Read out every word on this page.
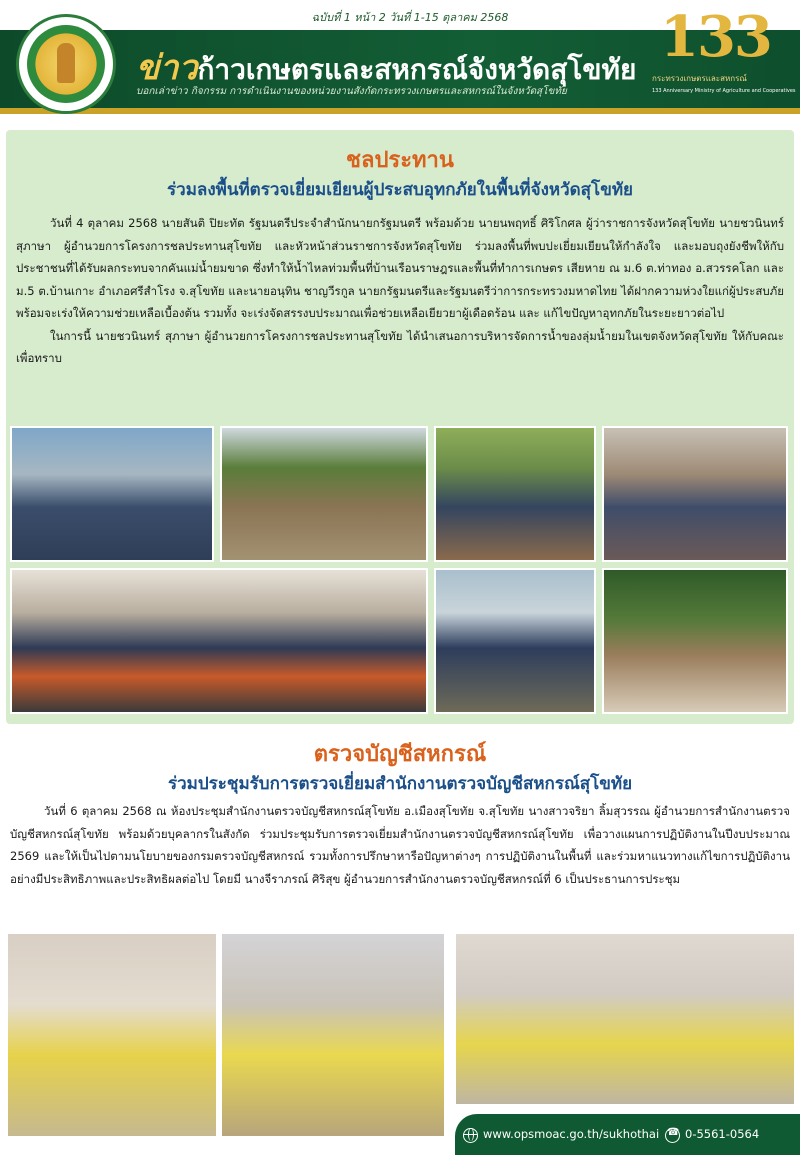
ฉบับที่ 1 หน้า 2 วันที่ 1-15 ตุลาคม 2568
ข่าวก้าวเกษตรและสหกรณ์จังหวัดสุโขทัย
บอกเล่าข่าว กิจกรรม การดำเนินงานของหน่วยงานสังกัดกระทรวงเกษตรและสหกรณ์ในจังหวัดสุโขทัย
133
กระทรวงเกษตรและสหกรณ์
133 Anniversary Ministry of Agriculture and Cooperatives
ชลประทาน
ร่วมลงพื้นที่ตรวจเยี่ยมเยียนผู้ประสบอุทกภัยในพื้นที่จังหวัดสุโขทัย

วันที่ 4 ตุลาคม 2568 นายสันติ ปิยะทัต รัฐมนตรีประจำสำนักนายกรัฐมนตรี พร้อมด้วย นายนพฤทธิ์ ศิริโกศล ผู้ว่าราชการจังหวัดสุโขทัย นายชวนินทร์ สุภาษา ผู้อำนวยการโครงการชลประทานสุโขทัย และหัวหน้าส่วนราชการจังหวัดสุโขทัย ร่วมลงพื้นที่พบปะเยี่ยมเยียนให้กำลังใจ และมอบถุงยังชีพให้กับประชาชนที่ได้รับผลกระทบจากคันแม่น้ำยมขาด ซึ่งทำให้น้ำไหลท่วมพื้นที่บ้านเรือนราษฎรและพื้นที่ทำการเกษตร เสียหาย ณ ม.6 ต.ท่าทอง อ.สวรรคโลก และ ม.5 ต.บ้านเกาะ อำเภอศรีสำโรง จ.สุโขทัย และนายอนุทิน ชาญวีรกูล นายกรัฐมนตรีและรัฐมนตรีว่าการกระทรวงมหาดไทย ได้ฝากความห่วงใยแก่ผู้ประสบภัย พร้อมจะเร่งให้ความช่วยเหลือเบื้องต้น รวมทั้ง จะเร่งจัดสรรงบประมาณเพื่อช่วยเหลือเยียวยาผู้เดือดร้อน และ แก้ไขปัญหาอุทกภัยในระยะยาวต่อไป

ในการนี้ นายชวนินทร์ สุภาษา ผู้อำนวยการโครงการชลประทานสุโขทัย ได้นำเสนอการบริหารจัดการน้ำของลุ่มน้ำยมในเขตจังหวัดสุโขทัย ให้กับคณะเพื่อทราบ

ตรวจบัญชีสหกรณ์
ร่วมประชุมรับการตรวจเยี่ยมสำนักงานตรวจบัญชีสหกรณ์สุโขทัย

วันที่ 6 ตุลาคม 2568 ณ ห้องประชุมสำนักงานตรวจบัญชีสหกรณ์สุโขทัย อ.เมืองสุโขทัย จ.สุโขทัย นางสาวจริยา ลิ้มสุวรรณ ผู้อำนวยการสำนักงานตรวจบัญชีสหกรณ์สุโขทัย พร้อมด้วยบุคลากรในสังกัด ร่วมประชุมรับการตรวจเยี่ยมสำนักงานตรวจบัญชีสหกรณ์สุโขทัย เพื่อวางแผนการปฏิบัติงานในปีงบประมาณ 2569 และให้เป็นไปตามนโยบายของกรมตรวจบัญชีสหกรณ์ รวมทั้งการปรึกษาหารือปัญหาต่างๆ การปฏิบัติงานในพื้นที่ และร่วมหาแนวทางแก้ไขการปฏิบัติงานอย่างมีประสิทธิภาพและประสิทธิผลต่อไป โดยมี นางจีราภรณ์ ศิริสุข ผู้อำนวยการสำนักงานตรวจบัญชีสหกรณ์ที่ 6 เป็นประธานการประชุม

www.opsmoac.go.th/sukhothai
☎ 0-5561-0564
